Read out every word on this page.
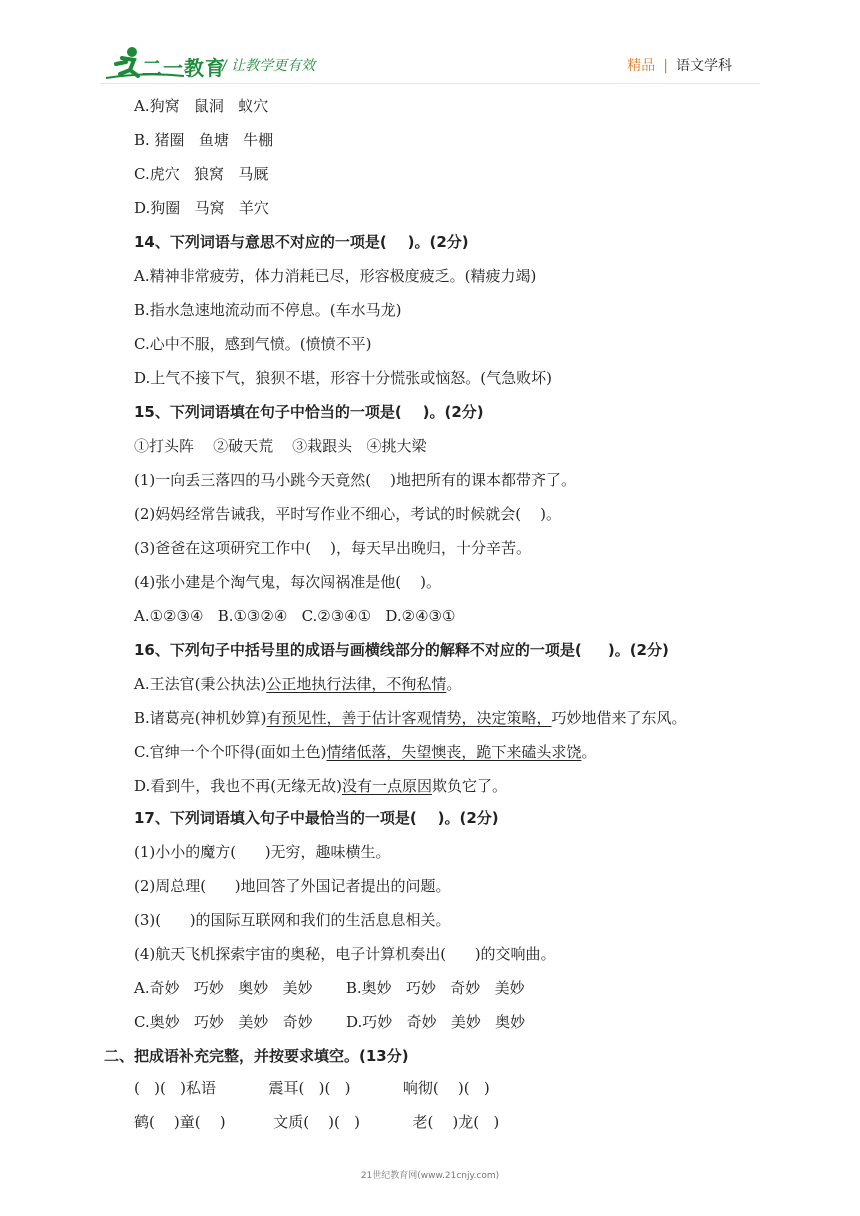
二一教育
/ 让教学更有效	精品 | 语文学科
A.狗窝   鼠洞   蚁穴
B. 猪圈   鱼塘   牛棚
C.虎穴   狼窝   马厩
D.狗圈   马窝   羊穴
14、下列词语与意思不对应的一项是(    )。(2分)
A.精神非常疲劳，体力消耗已尽，形容极度疲乏。(精疲力竭)
B.指水急速地流动而不停息。(车水马龙)
C.心中不服，感到气愤。(愤愤不平)
D.上气不接下气，狼狈不堪，形容十分慌张或恼怒。(气急败坏)
15、下列词语填在句子中恰当的一项是(    )。(2分)
①打头阵    ②破天荒    ③栽跟头   ④挑大梁
(1)一向丢三落四的马小跳今天竟然(    )地把所有的课本都带齐了。
(2)妈妈经常告诫我，平时写作业不细心，考试的时候就会(    )。
(3)爸爸在这项研究工作中(    )，每天早出晚归，十分辛苦。
(4)张小建是个淘气鬼，每次闯祸准是他(    )。
A.①②③④   B.①③②④   C.②③④①   D.②④③①
16、下列句子中括号里的成语与画横线部分的解释不对应的一项是(     )。(2分)
A.王法官(秉公执法)公正地执行法律，不徇私情。
B.诸葛亮(神机妙算)有预见性，善于估计客观情势，决定策略，巧妙地借来了东风。
C.官绅一个个吓得(面如土色)情绪低落，失望懊丧，跪下来磕头求饶。
D.看到牛，我也不再(无缘无故)没有一点原因欺负它了。
17、下列词语填入句子中最恰当的一项是(    )。(2分)
(1)小小的魔方(      )无穷，趣味横生。
(2)周总理(      )地回答了外国记者提出的问题。
(3)(      )的国际互联网和我们的生活息息相关。
(4)航天飞机探索宇宙的奥秘，电子计算机奏出(      )的交响曲。
A.奇妙   巧妙   奥妙   美妙       B.奥妙   巧妙   奇妙   美妙
C.奥妙   巧妙   美妙   奇妙       D.巧妙   奇妙   美妙   奥妙
二、把成语补充完整，并按要求填空。(13分)
(   )(   )私语           震耳(   )(   )           响彻(    )(   )
鹤(    )童(    )          文质(    )(   )           老(    )龙(   )
21世纪教育网(www.21cnjy.com)
